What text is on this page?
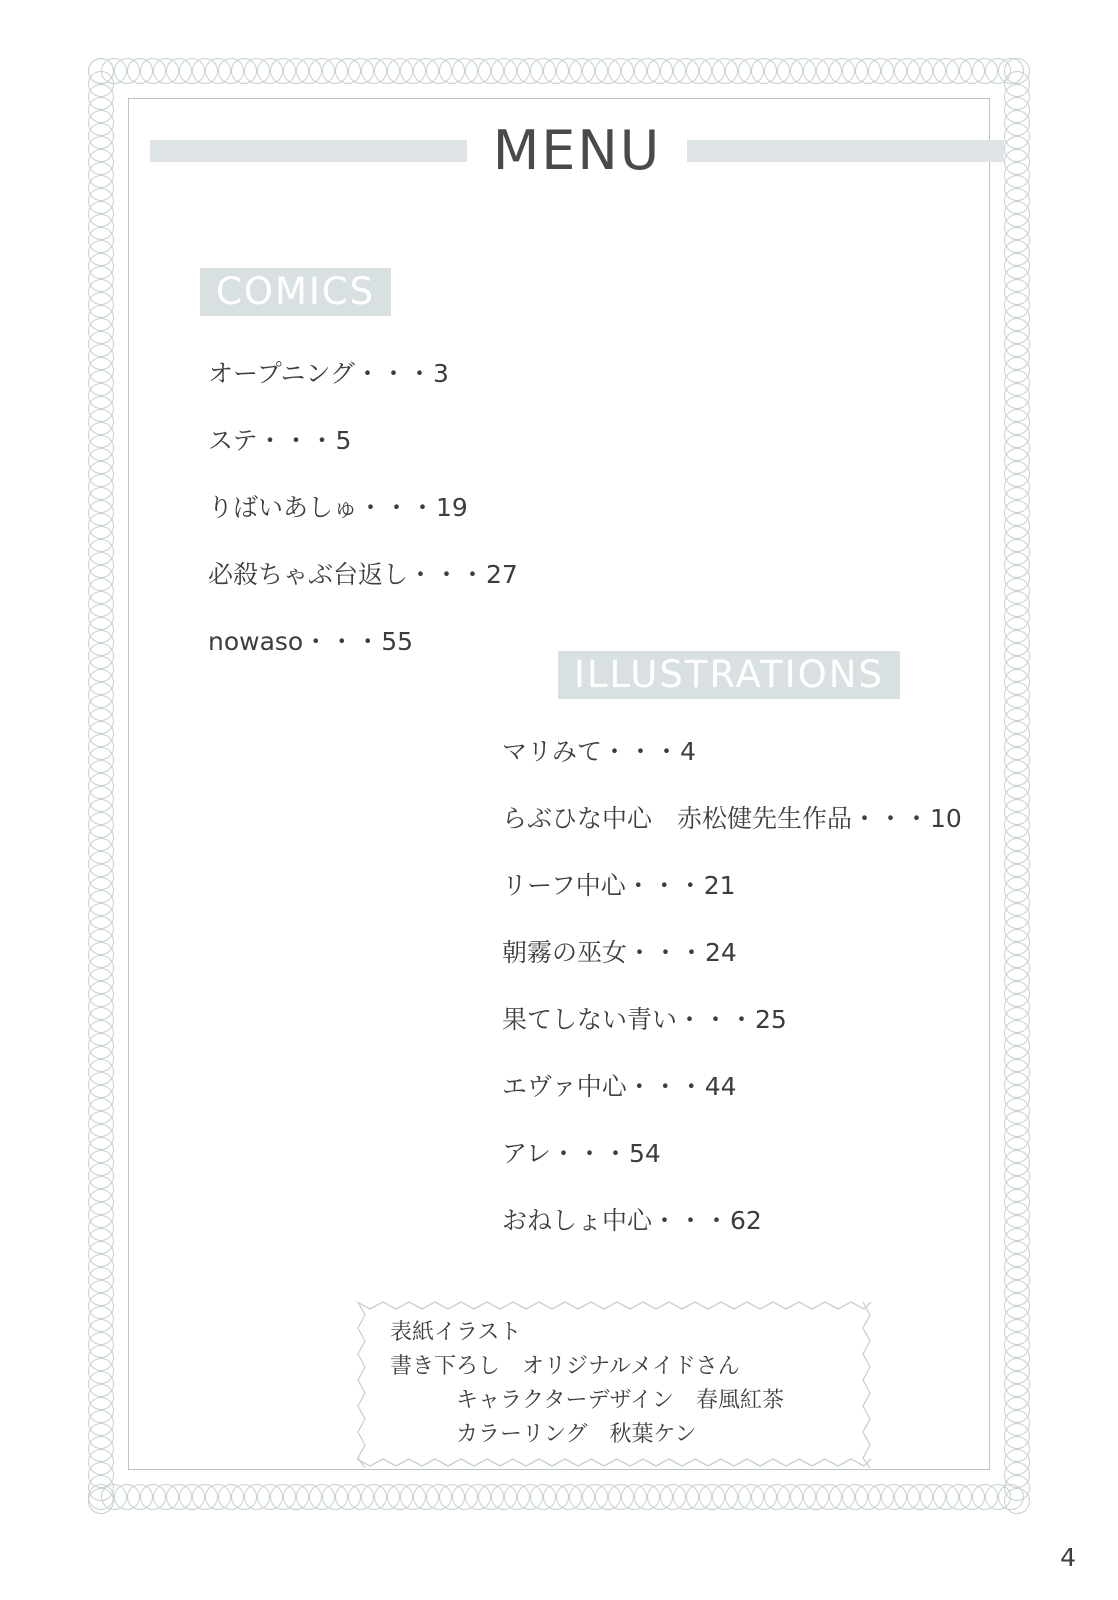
MENU
COMICS
オープニング・・・3
ステ・・・5
りばいあしゅ・・・19
必殺ちゃぶ台返し・・・27
nowaso・・・55
ILLUSTRATIONS
マリみて・・・4
らぶひな中心　赤松健先生作品・・・10
リーフ中心・・・21
朝霧の巫女・・・24
果てしない青い・・・25
エヴァ中心・・・44
アレ・・・54
おねしょ中心・・・62
表紙イラスト
書き下ろし　オリジナルメイドさん
キャラクターデザイン　春風紅茶
カラーリング　秋葉ケン
4
